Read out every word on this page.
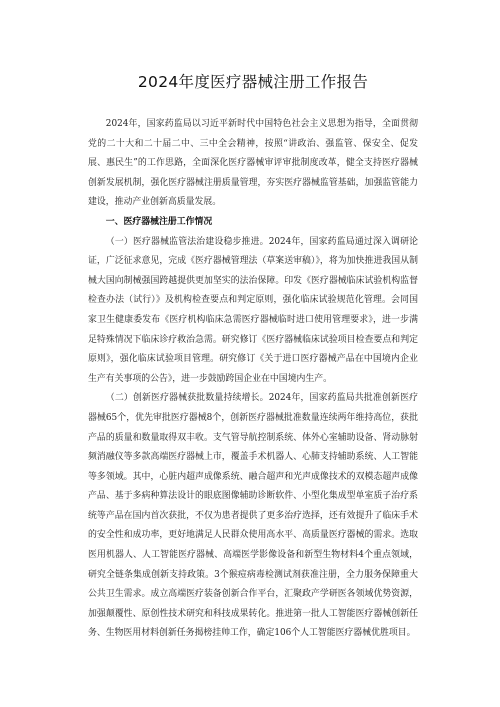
2024年度医疗器械注册工作报告

2024年，国家药监局以习近平新时代中国特色社会主义思想为指导，全面贯彻党的二十大和二十届二中、三中全会精神，按照“讲政治、强监管、保安全、促发展、惠民生”的工作思路，全面深化医疗器械审评审批制度改革，健全支持医疗器械创新发展机制，强化医疗器械注册质量管理，夯实医疗器械监管基础，加强监管能力建设，推动产业创新高质量发展。

一、医疗器械注册工作情况

（一）医疗器械监管法治建设稳步推进。2024年，国家药监局通过深入调研论证，广泛征求意见，完成《医疗器械管理法（草案送审稿）》，将为加快推进我国从制械大国向制械强国跨越提供更加坚实的法治保障。印发《医疗器械临床试验机构监督检查办法（试行）》及机构检查要点和判定原则，强化临床试验规范化管理。会同国家卫生健康委发布《医疗机构临床急需医疗器械临时进口使用管理要求》，进一步满足特殊情况下临床诊疗救治急需。研究修订《医疗器械临床试验项目检查要点和判定原则》，强化临床试验项目管理。研究修订《关于进口医疗器械产品在中国境内企业生产有关事项的公告》，进一步鼓励跨国企业在中国境内生产。

（二）创新医疗器械获批数量持续增长。2024年，国家药监局共批准创新医疗器械65个，优先审批医疗器械8个，创新医疗器械批准数量连续两年维持高位，获批产品的质量和数量取得双丰收。支气管导航控制系统、体外心室辅助设备、肾动脉射频消融仪等多款高端医疗器械上市，覆盖手术机器人、心肺支持辅助系统、人工智能等多领域。其中，心脏内超声成像系统、融合超声和光声成像技术的双模态超声成像产品、基于多病种算法设计的眼底图像辅助诊断软件、小型化集成型单室质子治疗系统等产品在国内首次获批，不仅为患者提供了更多治疗选择，还有效提升了临床手术的安全性和成功率，更好地满足人民群众使用高水平、高质量医疗器械的需求。选取医用机器人、人工智能医疗器械、高端医学影像设备和新型生物材料4个重点领域，研究全链条集成创新支持政策。3个猴痘病毒检测试剂获准注册，全力服务保障重大公共卫生需求。成立高端医疗装备创新合作平台，汇聚政产学研医各领域优势资源，加强颠覆性、原创性技术研究和科技成果转化。推进第一批人工智能医疗器械创新任务、生物医用材料创新任务揭榜挂帅工作，确定106个人工智能医疗器械优胜项目。
